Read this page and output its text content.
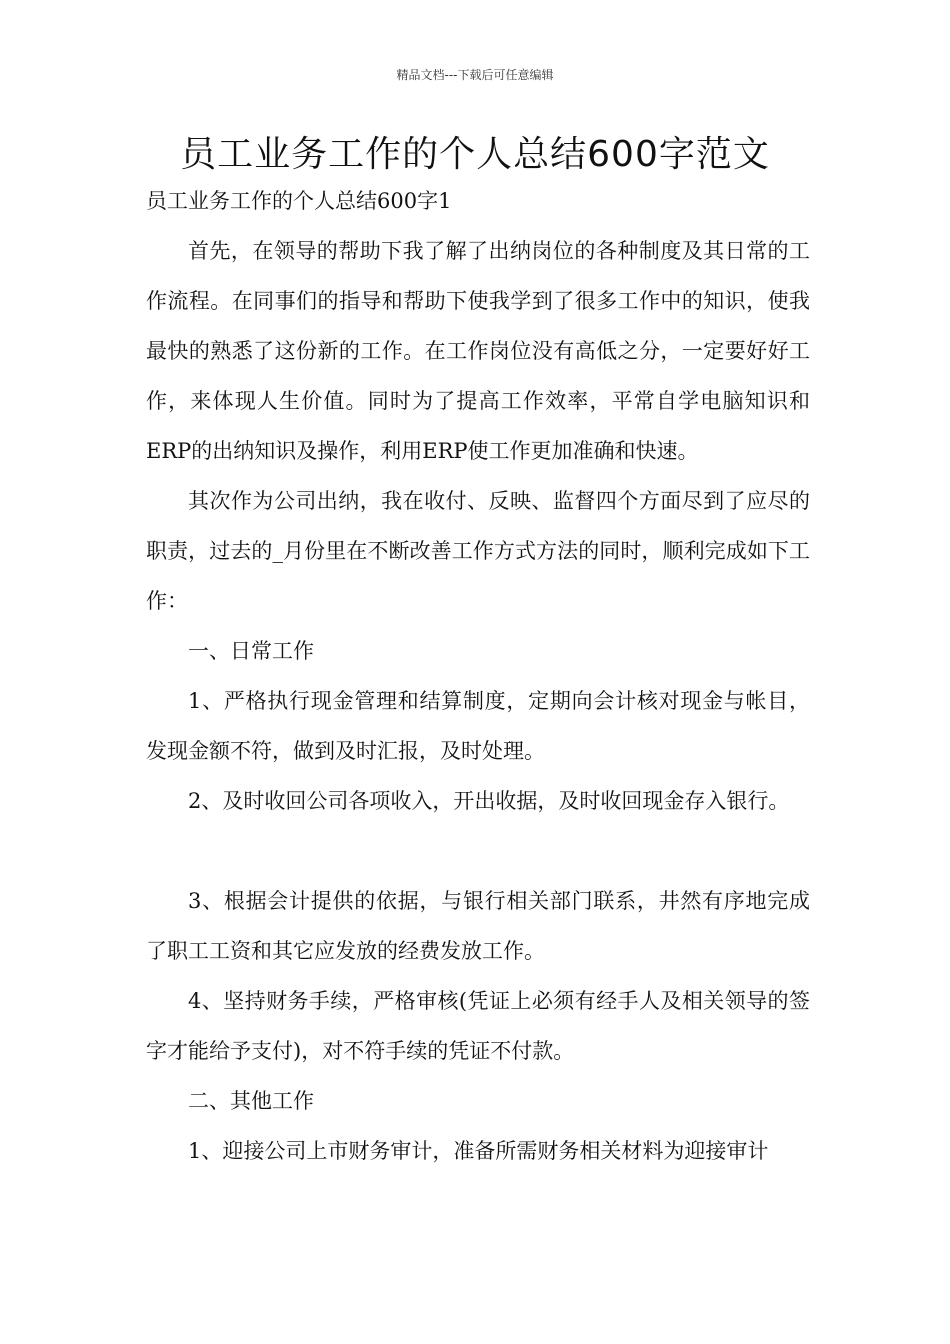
精品文档---下载后可任意编辑
员工业务工作的个人总结600字范文
员工业务工作的个人总结600字1

首先，在领导的帮助下我了解了出纳岗位的各种制度及其日常的工作流程。在同事们的指导和帮助下使我学到了很多工作中的知识，使我最快的熟悉了这份新的工作。在工作岗位没有高低之分，一定要好好工作，来体现人生价值。同时为了提高工作效率，平常自学电脑知识和ERP的出纳知识及操作，利用ERP使工作更加准确和快速。

其次作为公司出纳，我在收付、反映、监督四个方面尽到了应尽的职责，过去的_月份里在不断改善工作方式方法的同时，顺利完成如下工作：

一、日常工作

1、严格执行现金管理和结算制度，定期向会计核对现金与帐目，发现金额不符，做到及时汇报，及时处理。

2、及时收回公司各项收入，开出收据，及时收回现金存入银行。

3、根据会计提供的依据，与银行相关部门联系，井然有序地完成了职工工资和其它应发放的经费发放工作。

4、坚持财务手续，严格审核(凭证上必须有经手人及相关领导的签字才能给予支付)，对不符手续的凭证不付款。

二、其他工作

1、迎接公司上市财务审计，准备所需财务相关材料为迎接审计
